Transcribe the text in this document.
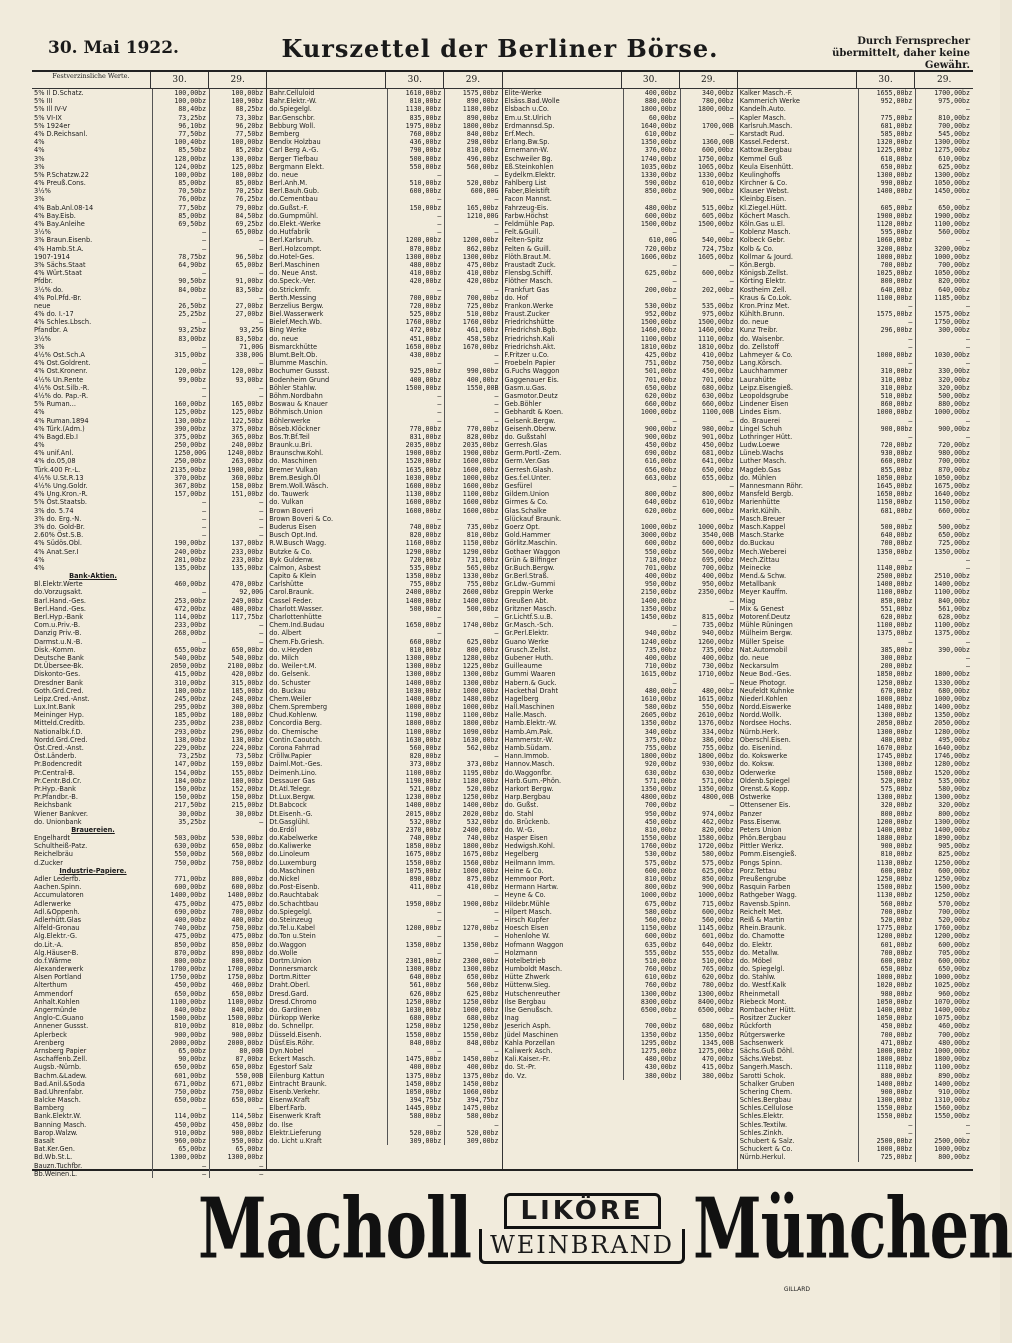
30. Mai 1922.	Kurszettel der Berliner Börse.	Durch Fernsprecher übermittelt, daher keine Gewähr.
Festverzinsliche Werte.	30.	29.
5% Il D.Schatz.	100,00bz	100,00bz
5% III	100,00bz	100,90bz
5% Ill IV-V	88,40bz	88,25bz
5% VI-IX	73,25bz	73,30bz
5% 1924er	96,10bz	96,20bz
4% D.Reichsanl.	77,50bz	77,50bz
4%	100,40bz	100,00bz
4%	85,50bz	85,20bz
3%	128,00bz	130,00bz
3%	124,00bz	125,00bz
5% P.Schatzw.22	100,00bz	100,00bz
4% Preuß.Cons.	85,00bz	85,00bz
3½%	70,50bz	70,25bz
3%	76,00bz	76,25bz
4% Bab.Anl.08-14	77,50bz	79,00bz
4% Bay.Eisb.	85,00bz	84,50bz
4% Bay.Anleihe	69,50bz	69,25bz
3½%	—	65,00bz
3% Braun.Eisenb.	—	—
4% Hamb.St.A.	—	—
1907-1914	78,75bz	96,50bz
3% Sächs.Staat	64,90bz	65,00bz
4% Würt.Staat	—	—
Pfdbr.	90,50bz	91,00bz
3½% do.	84,00bz	83,50bz
4% Pol.Pfd.-Br.	—	—
neue	26,50bz	27,00bz
4% do. I.-17	25,25bz	27,00bz
4% Schles.Lbsch.	—	—
Pfandbr. A	93,25bz	93,25G
3½%	83,00bz	83,50bz
3%	—	71,00G
4½% Ost.Sch.A	315,00bz	338,00G
4% Ost.Goldrent.	—	—
4% Ost.Kronenr.	120,00bz	120,00bz
4½% Un.Rente	99,00bz	93,00bz
4½% Ost.Silb.-R.	—	—
4½% do. Pap.-R.	—	—
5% Ruman...	160,00bz	165,00bz
4%	125,00bz	125,00bz
4% Ruman.1894	130,00bz	122,50bz
4% Türk.(Adm.)	390,00bz	375,00bz
4% Bagd.Eb.I	375,00bz	365,00bz
4%	250,00bz	240,00bz
4% unif.Anl.	1250,00G	1240,00bz
4% do.05,08	250,00bz	263,00bz
Türk.400 Fr.-L.	2135,00bz	1900,00bz
4½% U.St.R.13	370,00bz	360,00bz
4½% Ung.Goldr.	367,80bz	158,00bz
4% Ung.Kron.-R.	157,00bz	151,00bz
5% Öst.Staatsb.	—	—
3% do. 5.74	—	—
3% do. Erg.-N.	—	—
3% do. Gold-Br.	—	—
2.60% Öst.S.B.	—	—
4% Südös.Obl.	190,00bz	137,00bz
4% Anat.Ser.I	240,00bz	233,00bz
4%	281,00bz	233,00bz
4%	135,00bz	135,00bz
Bank-Aktien.
Bl.Elektr.Werte	460,00bz	470,00bz
do.Vorzugsakt.	—	92,00G
Barl.Hand.-Ges.	253,00bz	249,00bz
Berl.Hand.-Ges.	472,00bz	480,00bz
Berl.Hyp.-Bank	114,00bz	117,75bz
Com.u.Priv.-B.	233,00bz	—
Danzig Priv.-B.	268,00bz	—
Darmst.u.N.-B.	—	—
Disk.-Komm.	655,00bz	650,00bz
Deutsche Bank	540,00bz	540,00bz
Dt.Übersee-Bk.	2050,00bz	2100,00bz
Diskonto-Ges.	415,00bz	420,00bz
Dresdner Bank	310,00bz	315,00bz
Goth.Grd.Cred.	180,00bz	185,00bz
Leipz.Cred.-Anst.	245,00bz	248,00bz
Lux.Int.Bank	295,00bz	300,00bz
Meininger Hyp.	185,00bz	180,00bz
Mitteld.Creditb.	235,00bz	238,00bz
Nationalbk.f.D.	293,00bz	296,00bz
Nordd.Grd.Cred.	138,00bz	138,00bz
Öst.Cred.-Anst.	229,00bz	224,00bz
Öst.Länderb.	73,25bz	73,50bz
Pr.Bodencredit	147,00bz	159,00bz
Pr.Central-B.	154,00bz	155,00bz
Pr.Centr.Bd.Cr.	184,00bz	180,00bz
Pr.Hyp.-Bank	150,00bz	152,00bz
Pr.Pfandbr.-B.	150,00bz	150,00bz
Reichsbank	217,50bz	215,00bz
Wiener Bankver.	30,00bz	30,00bz
do. Unionbank	35,25bz	—
Brauereien.
Engelhardt	503,00bz	530,00bz
Schultheiß-Patz.	630,00bz	650,00bz
Reichelbräu	550,00bz	560,00bz
d.Zucker	750,00bz	750,00bz
Industrie-Papiere.
Adler Lederfb.	771,00bz	800,00bz
Aachen.Spinn.	600,00bz	600,00bz
Accumulatoren	1400,00bz	1400,00bz
Adlerwerke	475,00bz	475,00bz
Adl.&Oppenh.	690,00bz	700,00bz
Adlerhütt.Glas	400,00bz	400,00bz
Alfeld-Gronau	740,00bz	750,00bz
Alg.Elektr.-G.	475,00bz	475,00bz
do.Lit.-A.	850,00bz	850,00bz
Alg.Häuser-B.	870,00bz	890,00bz
do.f.Wärme	800,00bz	800,00bz
Alexanderwerk	1700,00bz	1700,00bz
Alsen Portland	1750,00bz	1750,00bz
Alterthum	450,00bz	460,00bz
Ammendorf	650,00bz	650,00bz
Anhalt.Kohlen	1100,00bz	1100,00bz
Angermünde	840,00bz	840,00bz
Anglo-C.Guano	1500,00bz	1500,00bz
Annener Gussst.	810,00bz	810,00bz
Aplerbeck	900,00bz	900,00bz
Arenberg	2000,00bz	2000,00bz
Arnsberg Papier	65,00bz	80,00B
Aschaffenb.Zell.	90,00bz	87,00bz
Augsb.-Nürnb.	650,00bz	650,00bz
Bachm.&Ladew.	601,00bz	550,00B
Bad.Anil.&Soda	671,00bz	671,00bz
Bad.Uhrenfabr.	750,00bz	750,00bz
Balcke Masch.	650,00bz	650,00bz
Bamberg	—	—
Bank.Elektr.W.	114,00bz	114,50bz
Banning Masch.	450,00bz	450,00bz
Barop.Walzw.	910,00bz	900,00bz
Basalt	960,00bz	950,00bz
Bat.Ker.Gen.	65,00bz	65,00bz
Bd.Wb.St.L.	1300,00bz	1300,00bz
Bauzn.Tuchfbr.	—	—
Bb.Weinen.L.	—	—
30.	29.
Bahr.Celluloid	1610,00bz	1575,00bz
Bahr.Elektr.-W.	810,00bz	890,00bz
do.Spiegelgl.	1130,00bz	1180,00bz
Bar.Genschbr.	835,00bz	890,00bz
Bebburg Woll.	1975,00bz	1800,00bz
Bemberg	760,00bz	840,00bz
Bendix Holzbau	436,00bz	298,00bz
Carl Berg A.-G.	790,00bz	810,00bz
Berger Tiefbau	500,00bz	496,00bz
Bergmann Elekt.	550,00bz	560,00bz
do. neue	—	—
Berl.Anh.M.	510,00bz	520,00bz
Berl.Bauh.Gub.	600,00bz	600,00G
do.Cementbau	—	—
do.Gußst.-F.	150,00bz	165,00bz
do.Gumpmühl.	—	1210,00G
do.Elekt.-Werke	—	—
do.Hutfabrik	—	—
Berl.Karlsruh.	1200,00bz	1200,00bz
Berl.Holzcompt.	870,00bz	862,00bz
do.Hotel-Ges.	1300,00bz	1300,00bz
Berl.Maschinen	480,00bz	475,00bz
do. Neue Anst.	410,00bz	410,00bz
do.Speck.-Ver.	420,00bz	420,00bz
do.Strickmfr.	—	—
Berth.Messing	700,00bz	700,00bz
Berzelius Bergw.	720,00bz	725,00bz
Biel.Wasserwerk	525,00bz	510,00bz
Bielef.Mech.Wb.	1760,00bz	1760,00bz
Bing Werke	472,00bz	461,00bz
do. neue	451,00bz	458,50bz
Bismarckhütte	1650,00bz	1670,00bz
Blumt.Belt.Ob.	430,00bz	—
Blumme Maschin.	—	—
Bochumer Gussst.	925,00bz	990,00bz
Bodenheim Grund	400,00bz	400,00bz
Böhler Stahlw.	1500,00bz	1550,00B
Böhm.Nordbahn	—	—
Boswau & Knauer	—	—
Böhmisch.Union	—	—
Böhlerwerke	—	—
Böseb.Klöckner	770,00bz	770,00bz
Bos.Tr.Bf.Teil	831,00bz	828,00bz
Braunk.u.Bri.	2035,00bz	2035,00bz
Braunschw.Kohl.	1900,00bz	1900,00bz
do. Maschinen	1520,00bz	1600,00bz
Bremer Vulkan	1635,00bz	1600,00bz
Brem.Besigh.Öl	1030,00bz	1000,00bz
Brem.Woll.Wäsch.	1600,00bz	1600,00bz
do. Tauwerk	1130,00bz	1100,00bz
do. Vulkan	1600,00bz	1600,00bz
Brown Boveri	1600,00bz	1600,00bz
Brown Boveri & Co.	—	—
Buderus Eisen	740,00bz	735,00bz
Busch Opt.Ind.	820,00bz	810,00bz
R.W.Busch Wagg.	1160,00bz	1150,00bz
Butzke & Co.	1290,00bz	1290,00bz
Byk Guldenw.	720,00bz	731,00bz
Calmon, Asbest	535,00bz	565,00bz
Capito & Klein	1350,00bz	1330,00bz
Carlshütte	755,00bz	755,00bz
Carol.Braunk.	2400,00bz	2600,00bz
Cassel Feder.	1400,00bz	1400,00bz
Charlott.Wasser.	500,00bz	500,00bz
Charlottenhütte	—	—
Chem.Ind.Budau	1650,00bz	1740,00bz
do. Albert	—	—
Chem.Fb.Griesh.	660,00bz	625,00bz
do. v.Heyden	810,00bz	800,00bz
do. Milch	1300,00bz	1280,00bz
do. Weiler-t.M.	1300,00bz	1225,00bz
do. Gelsenk.	1300,00bz	1300,00bz
do. Schuster	1400,00bz	1300,00bz
do. Buckau	1030,00bz	1000,00bz
Chem.Weiler	1400,00bz	1480,00bz
Chem.Spremberg	1000,00bz	1000,00bz
Chud.Kohlenw.	1190,00bz	1100,00bz
Concordia Berg.	1800,00bz	1800,00bz
do. Chemische	1100,00bz	1090,00bz
Contin.Caoutch.	1630,00bz	1630,00bz
Corona Fahrrad	560,00bz	562,00bz
Cröllw.Papier	820,00bz	—
Daiml.Mot.-Ges.	373,00bz	373,00bz
Deimenh.Lino.	1100,00bz	1195,00bz
Dessauer Gas	1190,00bz	1180,00bz
Dt.Atl.Telegr.	521,00bz	520,00bz
Dt.Lux.Bergw.	1230,00bz	1250,00bz
Dt.Babcock	1400,00bz	1400,00bz
Dt.Eisenh.-G.	2015,00bz	2020,00bz
Dt.Gasglühl.	532,00bz	532,00bz
do.Erdöl	2370,00bz	2400,00bz
do.Kabelwerke	740,00bz	740,00bz
do.Kaliwerke	1850,00bz	1800,00bz
do.Linoleum	1675,00bz	1675,00bz
do.Luxemburg	1550,00bz	1560,00bz
do.Maschinen	1075,00bz	1000,00bz
do.Nickel	890,00bz	875,00bz
do.Post-Eisenb.	411,00bz	410,00bz
do.Rauchtabak	—	—
do.Schachtbau	1950,00bz	1900,00bz
do.Spiegelgl.	—	—
do.Steinzeug	—	—
do.Tel.u.Kabel	1200,00bz	1270,00bz
do.Ton u.Stein	—	—
do.Waggon	1350,00bz	1350,00bz
do.Wolle	—	—
Dortm.Union	2301,00bz	2300,00bz
Donnersmarck	1300,00bz	1300,00bz
Dortm.Ritter	640,00bz	650,00bz
Draht.Oberl.	561,00bz	560,00bz
Dresd.Gard.	626,00bz	625,00bz
Dresd.Chromo	1250,00bz	1250,00bz
do. Gardinen	1030,00bz	1000,00bz
Dürkopp Werke	680,00bz	680,00bz
do. Schnellpr.	1250,00bz	1250,00bz
Düsseld.Eisenh.	1550,00bz	1550,00bz
Düsf.Eis.Röhr.	840,00bz	848,00bz
Dyn.Nobel	—	—
Eckert Masch.	1475,00bz	1450,00bz
Egestorf Salz	400,00bz	400,00bz
Eilenburg Kattun	1375,00bz	1375,00bz
Eintracht Braunk.	1450,00bz	1450,00bz
Eisenb.Verkehr.	1050,00bz	1060,00bz
Eisenw.Kraft	394,75bz	394,75bz
Elberf.Farb.	1445,00bz	1475,00bz
Eisenwerk Kraft	580,00bz	580,00bz
do. Ilse	—	—
Elektr.Lieferung	520,00bz	520,00bz
do. Licht u.Kraft	309,00bz	309,00bz
30.	29.
Elite-Werke	400,00bz	340,00bz
Elsäss.Bad.Wolle	880,00bz	780,00bz
Elsbach u.Co.	1800,00bz	1800,00bz
Em.u.St.Ulrich	60,00bz	—
Erdmannsd.Sp.	1640,00bz	1700,00B
Erf.Mech.	610,00bz	—
Erlang.Bw.Sp.	1350,00bz	1360,00B
Ernemann-W.	376,00bz	600,00bz
Eschweiler Bg.	1740,00bz	1750,00bz
Eß.Steinkohlen	1035,00bz	1065,00bz
Eydelkm.Elektr.	1330,00bz	1330,00bz
Fahlberg List	590,00bz	610,00bz
Faber,Bleistift	850,00bz	900,00bz
Facon Mannst.	—	—
Fahrzeug-Eis.	480,00bz	515,00bz
Farbw.Höchst	600,00bz	605,00bz
Feldmühle Pap.	1500,00bz	1500,00bz
Felt.&Guill.	—	—
Felten-Spitz	610,00G	540,00bz
Felten & Guill.	720,00bz	724,75bz
Flöth.Braut.M.	1606,00bz	1605,00bz
Fraustadt Zuck.	—	—
Flensbg.Schiff.	625,00bz	600,00bz
Flöther Masch.	—	—
Frankfurt Gas	200,00bz	202,00bz
do. Hof	—	—
Frankon.Werke	530,00bz	535,00bz
Fraust.Zucker	952,00bz	975,00bz
Friedrichshütte	1500,00bz	1500,00bz
Friedrichsh.Bgb.	1460,00bz	1460,00bz
Friedrichsh.Kali	1100,00bz	1110,00bz
Friedrichsh.Akt.	1810,00bz	1810,00bz
F.Fritzer u.Co.	425,00bz	410,00bz
Froebeln Papier	751,00bz	750,00bz
G.Fuchs Waggon	501,00bz	450,00bz
Gaggenauer Eis.	701,00bz	701,00bz
Gasm.u.Gas.	650,00bz	680,00bz
Gasmotor.Deutz	620,00bz	630,00bz
Geb.Böhler	660,00bz	660,00bz
Gebhardt & Koen.	1000,00bz	1100,00B
Gelsenk.Bergw.	—	—
Geisenh.Oberw.	900,00bz	980,00bz
do. Gußstahl	900,00bz	901,00bz
Gerresh.Glas	450,00bz	450,00bz
Germ.Portl.-Zem.	690,00bz	681,00bz
Germ.Ver.Gas	616,00bz	641,00bz
Gerresh.Glash.	656,00bz	650,00bz
Ges.f.el.Unter.	663,00bz	655,00bz
Gesfürel	—	—
Gildem.Union	800,00bz	800,00bz
Girmes & Co.	640,00bz	610,00bz
Glas.Schalke	620,00bz	600,00bz
Glückauf Braunk.	—	—
Goerz Opt.	1000,00bz	1000,00bz
Gold.Hammer	3000,00bz	3540,00B
Görlitz.Maschin.	600,00bz	600,00bz
Gothaer Waggon	550,00bz	560,00bz
Grün & Bilfinger	718,00bz	695,00bz
Gr.Buch.Bergw.	701,00bz	700,00bz
Gr.Berl.Straß.	400,00bz	400,00bz
Gr.Ldw.-Gummi	950,00bz	950,00bz
Greppin Werke	2150,00bz	2350,00bz
Greußen Abt.	1400,00bz	—
Gritzner Masch.	1350,00bz	—
Gr.Lichtf.S.u.B.	1450,00bz	815,00bz
Gr.Masch.-Sch.	—	735,00bz
Gr.Perl.Elektr.	940,00bz	940,00bz
Guano Werke	1240,00bz	1260,00bz
Grusch.Zellst.	735,00bz	735,00bz
Gubener Huth.	400,00bz	400,00bz
Guilleaume	710,00bz	730,00bz
Gummi Waaren	1615,00bz	1710,00bz
Habern.& Guck.	—	—
Hackethal Draht	480,00bz	480,00bz
Hagelberg	1610,00bz	1615,00bz
Hall.Maschinen	580,00bz	550,00bz
Halle.Masch.	2605,00bz	2610,00bz
Hamb.Elektr.-W.	1350,00bz	1376,00bz
Hamb.Am.Pak.	340,00bz	334,00bz
Hammerstr.-W.	375,00bz	386,00bz
Hamb.Südam.	755,00bz	755,00bz
Hann.Immob.	1800,00bz	1800,00bz
Hannov.Masch.	920,00bz	930,00bz
do.Waggonfbr.	630,00bz	630,00bz
Harb.Gum.-Phön.	571,00bz	571,00bz
Harkort Bergw.	1350,00bz	1350,00bz
Harp.Bergbau	4800,00bz	4800,00B
do. Gußst.	700,00bz	—
do. Stahl	950,00bz	974,00bz
do. Brückenb.	450,00bz	462,00bz
do. W.-G.	810,00bz	820,00bz
Hasper Eisen	1550,00bz	1580,00bz
Hedwigsh.Kohl.	1760,00bz	1720,00bz
Hegelberg	530,00bz	580,00bz
Heilmann Imm.	575,00bz	575,00bz
Heine & Co.	600,00bz	625,00bz
Hemmoor Port.	810,00bz	850,00bz
Hermann Hartw.	800,00bz	900,00bz
Heyne & Co.	1000,00bz	1000,00bz
Hildebr.Mühle	675,00bz	715,00bz
Hilpert Masch.	580,00bz	600,00bz
Hirsch Kupfer	560,00bz	560,00bz
Hoesch Eisen	1150,00bz	1145,00bz
Hohenlohe W.	600,00bz	601,00bz
Hofmann Waggon	635,00bz	640,00bz
Holzmann	555,00bz	555,00bz
Hotelbetrieb	510,00bz	510,00bz
Humboldt Masch.	760,00bz	765,00bz
Hütte Zhwerk	610,00bz	620,00bz
Hüttenw.Sieg.	760,00bz	780,00bz
Hutschenreuther	1300,00bz	1300,00bz
Ilse Bergbau	8300,00bz	8400,00bz
Ilse Genußsch.	6500,00bz	6500,00bz
Inag	—	—
Jeserich Asph.	700,00bz	680,00bz
Jüdel Maschinen	1350,00bz	1350,00bz
Kahla Porzellan	1295,00bz	1345,00B
Kaliwerk Asch.	1275,00bz	1275,00bz
Kali.Kaiser.-Fr.	480,00bz	470,00bz
do. St.-Pr.	430,00bz	415,00bz
do. Vz.	380,00bz	380,00bz
30.	29.
Kalker Masch.-F.	1655,00bz	1700,00bz
Kammerich Werke	952,00bz	975,00bz
Kandelh.Auto.	—	—
Kapler Masch.	775,00bz	810,00bz
Karlsruh.Masch.	681,00bz	700,00bz
Karstadt Rud.	585,00bz	545,00bz
Kassel.Federst.	1320,00bz	1300,00bz
Kattow.Bergbau	1225,00bz	1275,00bz
Kemmel Guß	618,00bz	610,00bz
Keula Eisenhütt.	650,00bz	625,00bz
Keulinghoffs	1300,00bz	1300,00bz
Kirchner & Co.	990,00bz	1050,00bz
Klauser Webst.	1400,00bz	1450,00bz
Kleinbg.Eisen.	—	—
Kl.Ziegel.Hütt.	605,00bz	650,00bz
Köchert Masch.	1900,00bz	1900,00bz
Köln.Gas u.El.	1120,00bz	1100,00bz
Koblenz Masch.	595,00bz	560,00bz
Kolbeck Gebr.	1060,00bz	—
Kolb & Co.	3200,00bz	3200,00bz
Kollmar & Jourd.	1000,00bz	1000,00bz
Kön.Bergb.	700,00bz	700,00bz
Königsb.Zellst.	1025,00bz	1050,00bz
Körting Elektr.	800,00bz	820,00bz
Kostheim Zell.	640,00bz	640,00bz
Kraus & Co.Lok.	1100,00bz	1185,00bz
Kron.Prinz Met.	—	—
Kühlth.Brunn.	1575,00bz	1575,00bz
do. neue	—	1750,00bz
Kunz Treibr.	296,00bz	300,00bz
do. Waisenbr.	—	—
do. Zellstoff	—	—
Lahmeyer & Co.	1000,00bz	1030,00bz
Lang.Körsch.	—	—
Lauchhammer	310,00bz	330,00bz
Laurahütte	310,00bz	320,00bz
Leipz.Eisengieß.	310,00bz	320,00bz
Leopoldsgrube	510,00bz	500,00bz
Lindener Eisen	860,00bz	880,00bz
Lindes Eism.	1000,00bz	1000,00bz
do. Brauerei	—	—
Lingel Schuh	900,00bz	900,00bz
Lothringer Hütt.	—	—
Ludw.Loewe	720,00bz	720,00bz
Lüneb.Wachs	930,00bz	980,00bz
Luther Masch.	660,00bz	700,00bz
Magdeb.Gas	855,00bz	870,00bz
do. Mühlen	1050,00bz	1050,00bz
Mannesmann Röhr.	1645,00bz	1675,00bz
Mansfeld Bergb.	1650,00bz	1640,00bz
Marienhütte	1150,00bz	1150,00bz
Markt.Kühlh.	681,00bz	660,00bz
Masch.Breuer	—	—
Masch.Kappel	500,00bz	500,00bz
Masch.Starke	640,00bz	650,00bz
do.Buckau	700,00bz	725,00bz
Mech.Weberei	1350,00bz	1350,00bz
Mech.Zittau	—	—
Meinecke	1140,00bz	—
Mend.& Schw.	2500,00bz	2510,00bz
Metallbank	1400,00bz	1400,00bz
Meyer Kauffm.	1100,00bz	1100,00bz
Miag	850,00bz	840,00bz
Mix & Genest	551,00bz	561,00bz
Motorenf.Deutz	620,00bz	628,00bz
Mühle Rüningen	1100,00bz	1100,00bz
Mülheim Bergw.	1375,00bz	1375,00bz
Müller Speise	—	—
Nat.Automobil	385,00bz	390,00bz
do. neue	300,00bz	—
Neckarsulm	200,00bz	—
Neue Bod.-Ges.	1850,00bz	1800,00bz
Neue Photogr.	1250,00bz	1330,00bz
Neufeldt Kuhnke	670,00bz	680,00bz
Niederl.Kohlen	1000,00bz	1000,00bz
Nordd.Eiswerke	1400,00bz	1400,00bz
Nordd.Wollk.	1300,00bz	1350,00bz
Nordsee Hochs.	2050,00bz	2050,00bz
Nürnb.Herk.	1300,00bz	1280,00bz
Oberschl.Eisen.	480,00bz	495,00bz
do. Eisenind.	1670,00bz	1640,00bz
do. Kokswerke	1745,00bz	1746,00bz
do. Koksw.	1300,00bz	1280,00bz
Oderwerke	1500,00bz	1520,00bz
Oldenb.Spiegel	520,00bz	535,00bz
Orenst.& Kopp.	575,00bz	580,00bz
Ostwerke	1300,00bz	1300,00bz
Ottensener Eis.	320,00bz	320,00bz
Panzer	800,00bz	800,00bz
Pass.Eisenw.	1200,00bz	1300,00bz
Peters Union	1400,00bz	1400,00bz
Phön.Bergbau	1880,00bz	1890,00bz
Pittler Werkz.	900,00bz	905,00bz
Pomm.Eisengieß.	810,00bz	825,00bz
Pongs Spinn.	1130,00bz	1250,00bz
Porz.Tettau	600,00bz	600,00bz
Preußengrube	1250,00bz	1250,00bz
Rasquin Farben	1500,00bz	1500,00bz
Rathgeber Wagg.	1130,00bz	1250,00bz
Ravensb.Spinn.	560,00bz	570,00bz
Reichelt Met.	700,00bz	700,00bz
Reiß & Martin	520,00bz	520,00bz
Rhein.Braunk.	1775,00bz	1760,00bz
do. Chamotte	1200,00bz	1200,00bz
do. Elektr.	601,00bz	600,00bz
do. Metallw.	700,00bz	705,00bz
do. Möbel	600,00bz	600,00bz
do. Spiegelgl.	650,00bz	650,00bz
do. Stahlw.	1000,00bz	1000,00bz
do. Westf.Kalk	1020,00bz	1025,00bz
Rheinmetall	980,00bz	960,00bz
Riebeck Mont.	1050,00bz	1070,00bz
Rombacher Hütt.	1400,00bz	1400,00bz
Rositzer Zucker	1050,00bz	1075,00bz
Rückforth	450,00bz	460,00bz
Rütgerswerke	700,00bz	700,00bz
Sachsenwerk	471,00bz	480,00bz
Sächs.Guß Döhl.	1000,00bz	1000,00bz
Sächs.Webst.	1800,00bz	1800,00bz
Sangerh.Masch.	1110,00bz	1100,00bz
Sarotti Schok.	880,00bz	890,00bz
Schalker Gruben	1400,00bz	1400,00bz
Schering Chem.	900,00bz	910,00bz
Schles.Bergbau	1300,00bz	1310,00bz
Schles.Cellulose	1550,00bz	1560,00bz
Schles.Elektr.	1550,00bz	1550,00bz
Schles.Textilw.	—	—
Schles.Zinkh.	—	—
Schubert & Salz.	2500,00bz	2500,00bz
Schuckert & Co.	1000,00bz	1000,00bz
Nürnb.Herkul.	725,00bz	800,00bz
Macholl	LIKÖRE
WEINBRAND München
GILLARD
